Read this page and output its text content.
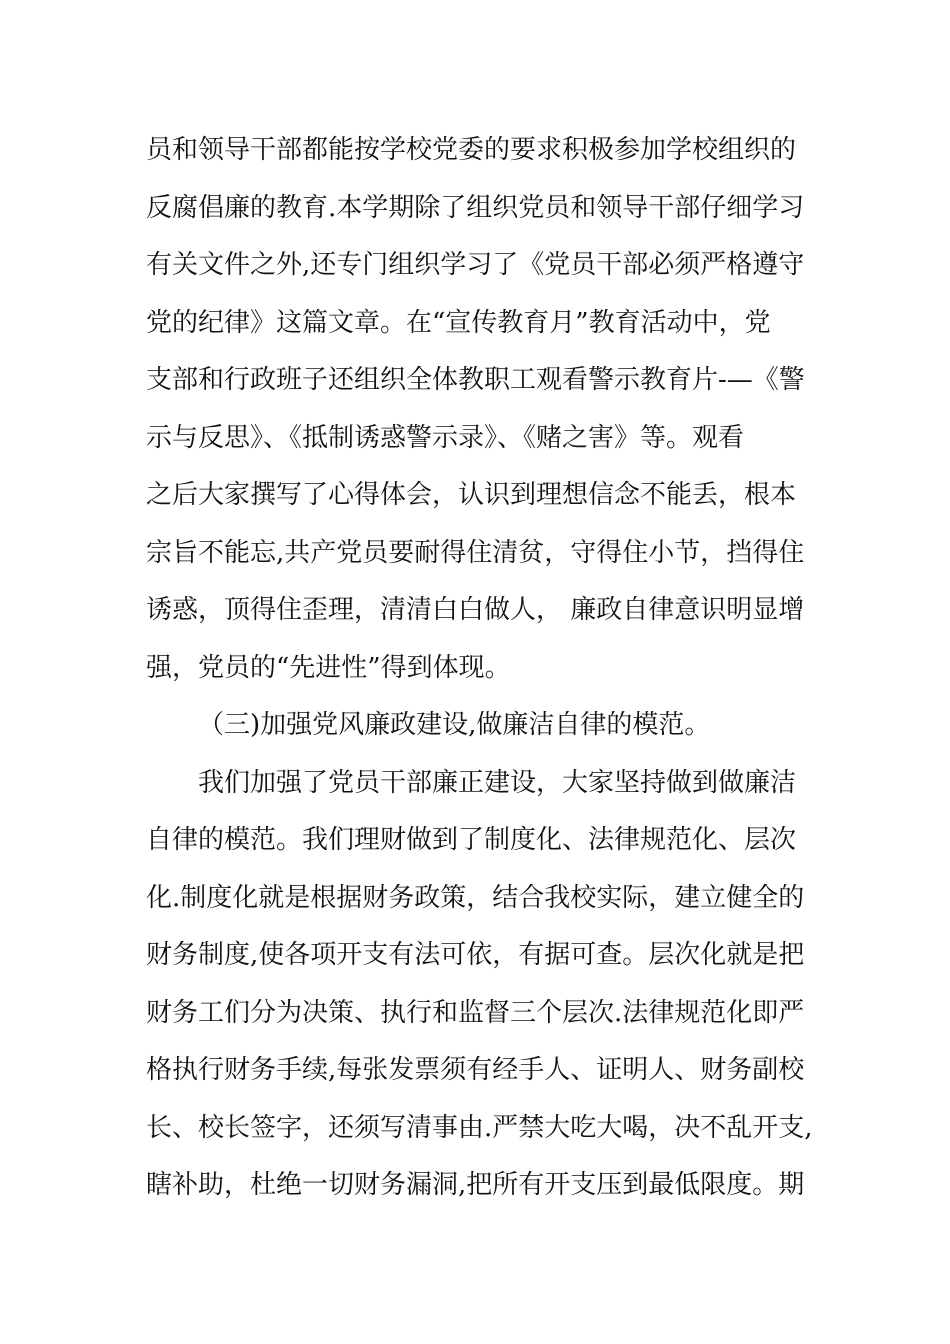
员和领导干部都能按学校党委的要求积极参加学校组织的
反腐倡廉的教育.本学期除了组织党员和领导干部仔细学习
有关文件之外,还专门组织学习了《党员干部必须严格遵守
党的纪律》这篇文章。在“宣传教育月”教育活动中，党
支部和行政班子还组织全体教职工观看警示教育片-—《警
示与反思》、《抵制诱惑警示录》、《赌之害》等。观看
之后大家撰写了心得体会，认识到理想信念不能丢，根本
宗旨不能忘,共产党员要耐得住清贫，守得住小节，挡得住
诱惑，顶得住歪理，清清白白做人， 廉政自律意识明显增
强，党员的“先进性”得到体现。
（三)加强党风廉政建设,做廉洁自律的模范。
我们加强了党员干部廉正建设，大家坚持做到做廉洁
自律的模范。我们理财做到了制度化、法律规范化、层次
化.制度化就是根据财务政策，结合我校实际，建立健全的
财务制度,使各项开支有法可依，有据可查。层次化就是把
财务工们分为决策、执行和监督三个层次.法律规范化即严
格执行财务手续,每张发票须有经手人、证明人、财务副校
长、校长签字，还须写清事由.严禁大吃大喝，决不乱开支,
瞎补助，杜绝一切财务漏洞,把所有开支压到最低限度。期
